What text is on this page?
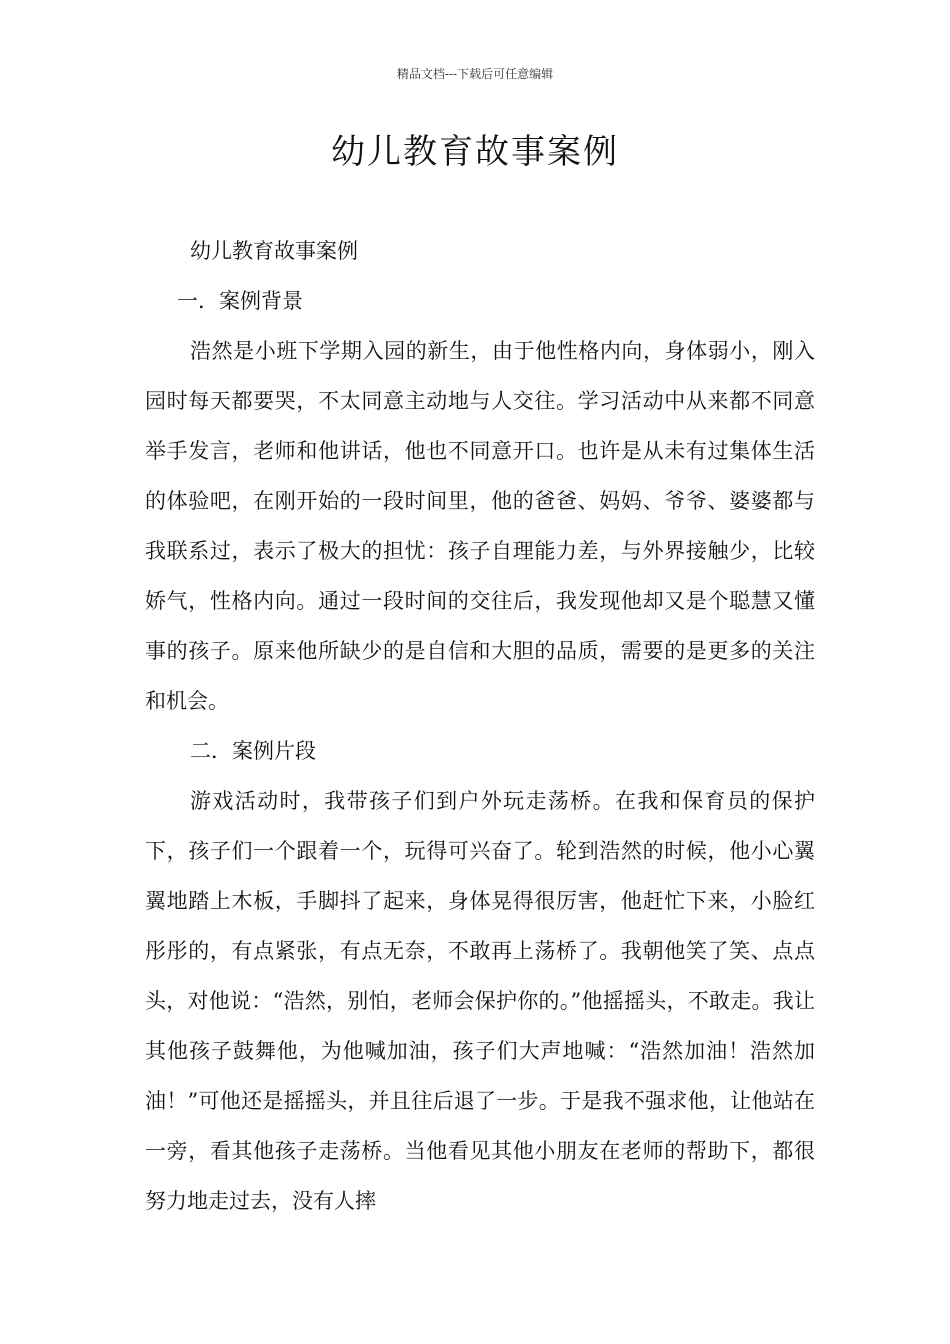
精品文档---下载后可任意编辑
幼儿教育故事案例

幼儿教育故事案例

一．案例背景

浩然是小班下学期入园的新生，由于他性格内向，身体弱小，刚入园时每天都要哭，不太同意主动地与人交往。学习活动中从来都不同意举手发言，老师和他讲话，他也不同意开口。也许是从未有过集体生活的体验吧，在刚开始的一段时间里，他的爸爸、妈妈、爷爷、婆婆都与我联系过，表示了极大的担忧：孩子自理能力差，与外界接触少，比较娇气，性格内向。通过一段时间的交往后，我发现他却又是个聪慧又懂事的孩子。原来他所缺少的是自信和大胆的品质，需要的是更多的关注和机会。

二．案例片段

游戏活动时，我带孩子们到户外玩走荡桥。在我和保育员的保护下，孩子们一个跟着一个，玩得可兴奋了。轮到浩然的时候，他小心翼翼地踏上木板，手脚抖了起来，身体晃得很厉害，他赶忙下来，小脸红彤彤的，有点紧张，有点无奈，不敢再上荡桥了。我朝他笑了笑、点点头，对他说：“浩然，别怕，老师会保护你的。”他摇摇头，不敢走。我让其他孩子鼓舞他，为他喊加油，孩子们大声地喊：“浩然加油！浩然加油！”可他还是摇摇头，并且往后退了一步。于是我不强求他，让他站在一旁，看其他孩子走荡桥。当他看见其他小朋友在老师的帮助下，都很努力地走过去，没有人摔
